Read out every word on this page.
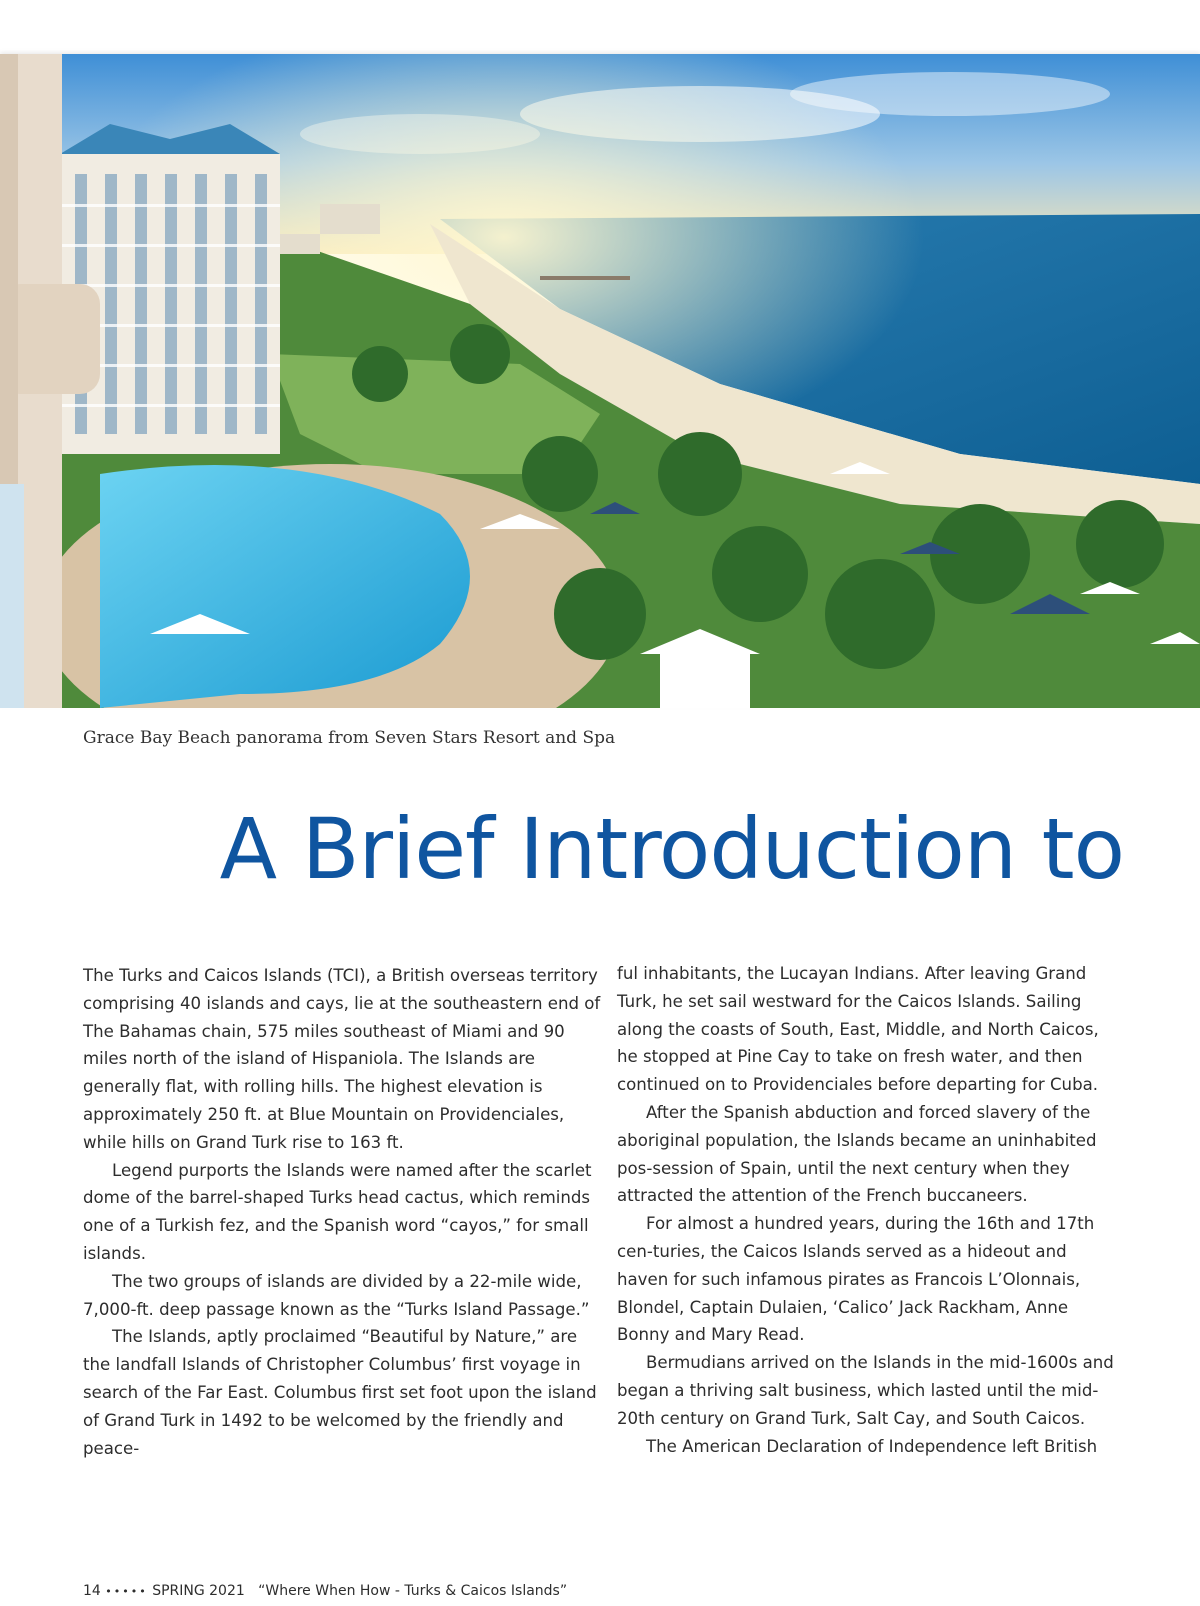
Grace Bay Beach panorama from Seven Stars Resort and Spa
A Brief Introduction to

The Turks and Caicos Islands (TCI), a British overseas territory comprising 40 islands and cays, lie at the southeastern end of The Bahamas chain, 575 miles southeast of Miami and 90 miles north of the island of Hispaniola. The Islands are generally flat, with rolling hills. The highest elevation is approximately 250 ft. at Blue Mountain on Providenciales, while hills on Grand Turk rise to 163 ft.

Legend purports the Islands were named after the scarlet dome of the barrel-shaped Turks head cactus, which reminds one of a Turkish fez, and the Spanish word “cayos,” for small islands.

The two groups of islands are divided by a 22-mile wide, 7,000-ft. deep passage known as the “Turks Island Passage.”

The Islands, aptly proclaimed “Beautiful by Nature,” are the landfall Islands of Christopher Columbus’ first voyage in search of the Far East. Columbus first set foot upon the island of Grand Turk in 1492 to be welcomed by the friendly and peace-

ful inhabitants, the Lucayan Indians. After leaving Grand Turk, he set sail westward for the Caicos Islands. Sailing along the coasts of South, East, Middle, and North Caicos, he stopped at Pine Cay to take on fresh water, and then continued on to Providenciales before departing for Cuba.

After the Spanish abduction and forced slavery of the aboriginal population, the Islands became an uninhabited pos-session of Spain, until the next century when they attracted the attention of the French buccaneers.

For almost a hundred years, during the 16th and 17th cen-turies, the Caicos Islands served as a hideout and haven for such infamous pirates as Francois L’Olonnais, Blondel, Captain Dulaien, ‘Calico’ Jack Rackham, Anne Bonny and Mary Read.

Bermudians arrived on the Islands in the mid-1600s and began a thriving salt business, which lasted until the mid-20th century on Grand Turk, Salt Cay, and South Caicos.

The American Declaration of Independence left British

14 ••••• SPRING 2021 “Where When How - Turks & Caicos Islands”
